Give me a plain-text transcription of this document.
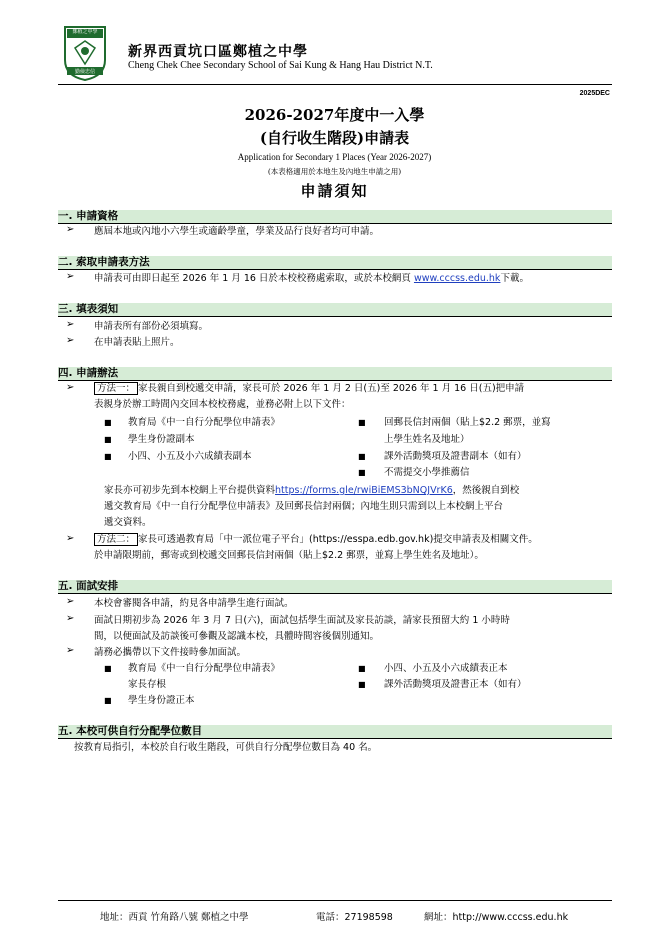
鄭植之中學
勤儉忠信
新界西貢坑口區鄭植之中學
Cheng Chek Chee Secondary School of Sai Kung & Hang Hau District N.T.
2025DEC
2026-2027年度中一入學
(自行收生階段)申請表
Application for Secondary 1 Places (Year 2026-2027)
(本表格適用於本地生及內地生申請之用)
申請須知
一. 申請資格
➢ 應屆本地或內地小六學生或適齡學童，學業及品行良好者均可申請。
二. 索取申請表方法
➢ 申請表可由即日起至 2026 年 1 月 16 日於本校校務處索取，或於本校網頁 www.cccss.edu.hk下載。
三. 填表須知
➢ 申請表所有部份必須填寫。
➢ 在申請表貼上照片。
四. 申請辦法
➢	方法一： 家長親自到校遞交申請，家長可於 2026 年 1 月 2 日(五)至 2026 年 1 月 16 日(五)把申請
表親身於辦工時間內交回本校校務處，並務必附上以下文件：
■ 教育局《中一自行分配學位申請表》
■ 學生身份證副本
■ 小四、小五及小六成績表副本
■ 回郵長信封兩個（貼上$2.2 郵票，並寫
上學生姓名及地址）
■ 課外活動獎項及證書副本（如有）
■ 不需提交小學推薦信
家長亦可初步先到本校網上平台提供資料https://forms.gle/rwiBiEMS3bNQJVrK6，然後親自到校
遞交教育局《中一自行分配學位申請表》及回郵長信封兩個；內地生則只需到以上本校網上平台
遞交資料。
➢	方法二： 家長可透過教育局「中一派位電子平台」(https://esspa.edb.gov.hk)提交申請表及相關文件。
於申請限期前，郵寄或到校遞交回郵長信封兩個（貼上$2.2 郵票，並寫上學生姓名及地址）。
五. 面試安排
➢ 本校會審閱各申請，約見各申請學生進行面試。
➢ 面試日期初步為 2026 年 3 月 7 日(六)，面試包括學生面試及家長訪談，請家長預留大約 1 小時時
間，以便面試及訪談後可參觀及認識本校，具體時間容後個別通知。
➢ 請務必攜帶以下文件接時參加面試。
■ 教育局《中一自行分配學位申請表》
家長存根
■ 學生身份證正本
■ 小四、小五及小六成績表正本
■ 課外活動獎項及證書正本（如有）
五. 本校可供自行分配學位數目
按教育局指引，本校於自行收生階段，可供自行分配學位數目為 40 名。
地址：西貢 竹角路八號 鄭植之中學	電話：27198598	網址：http://www.cccss.edu.hk
